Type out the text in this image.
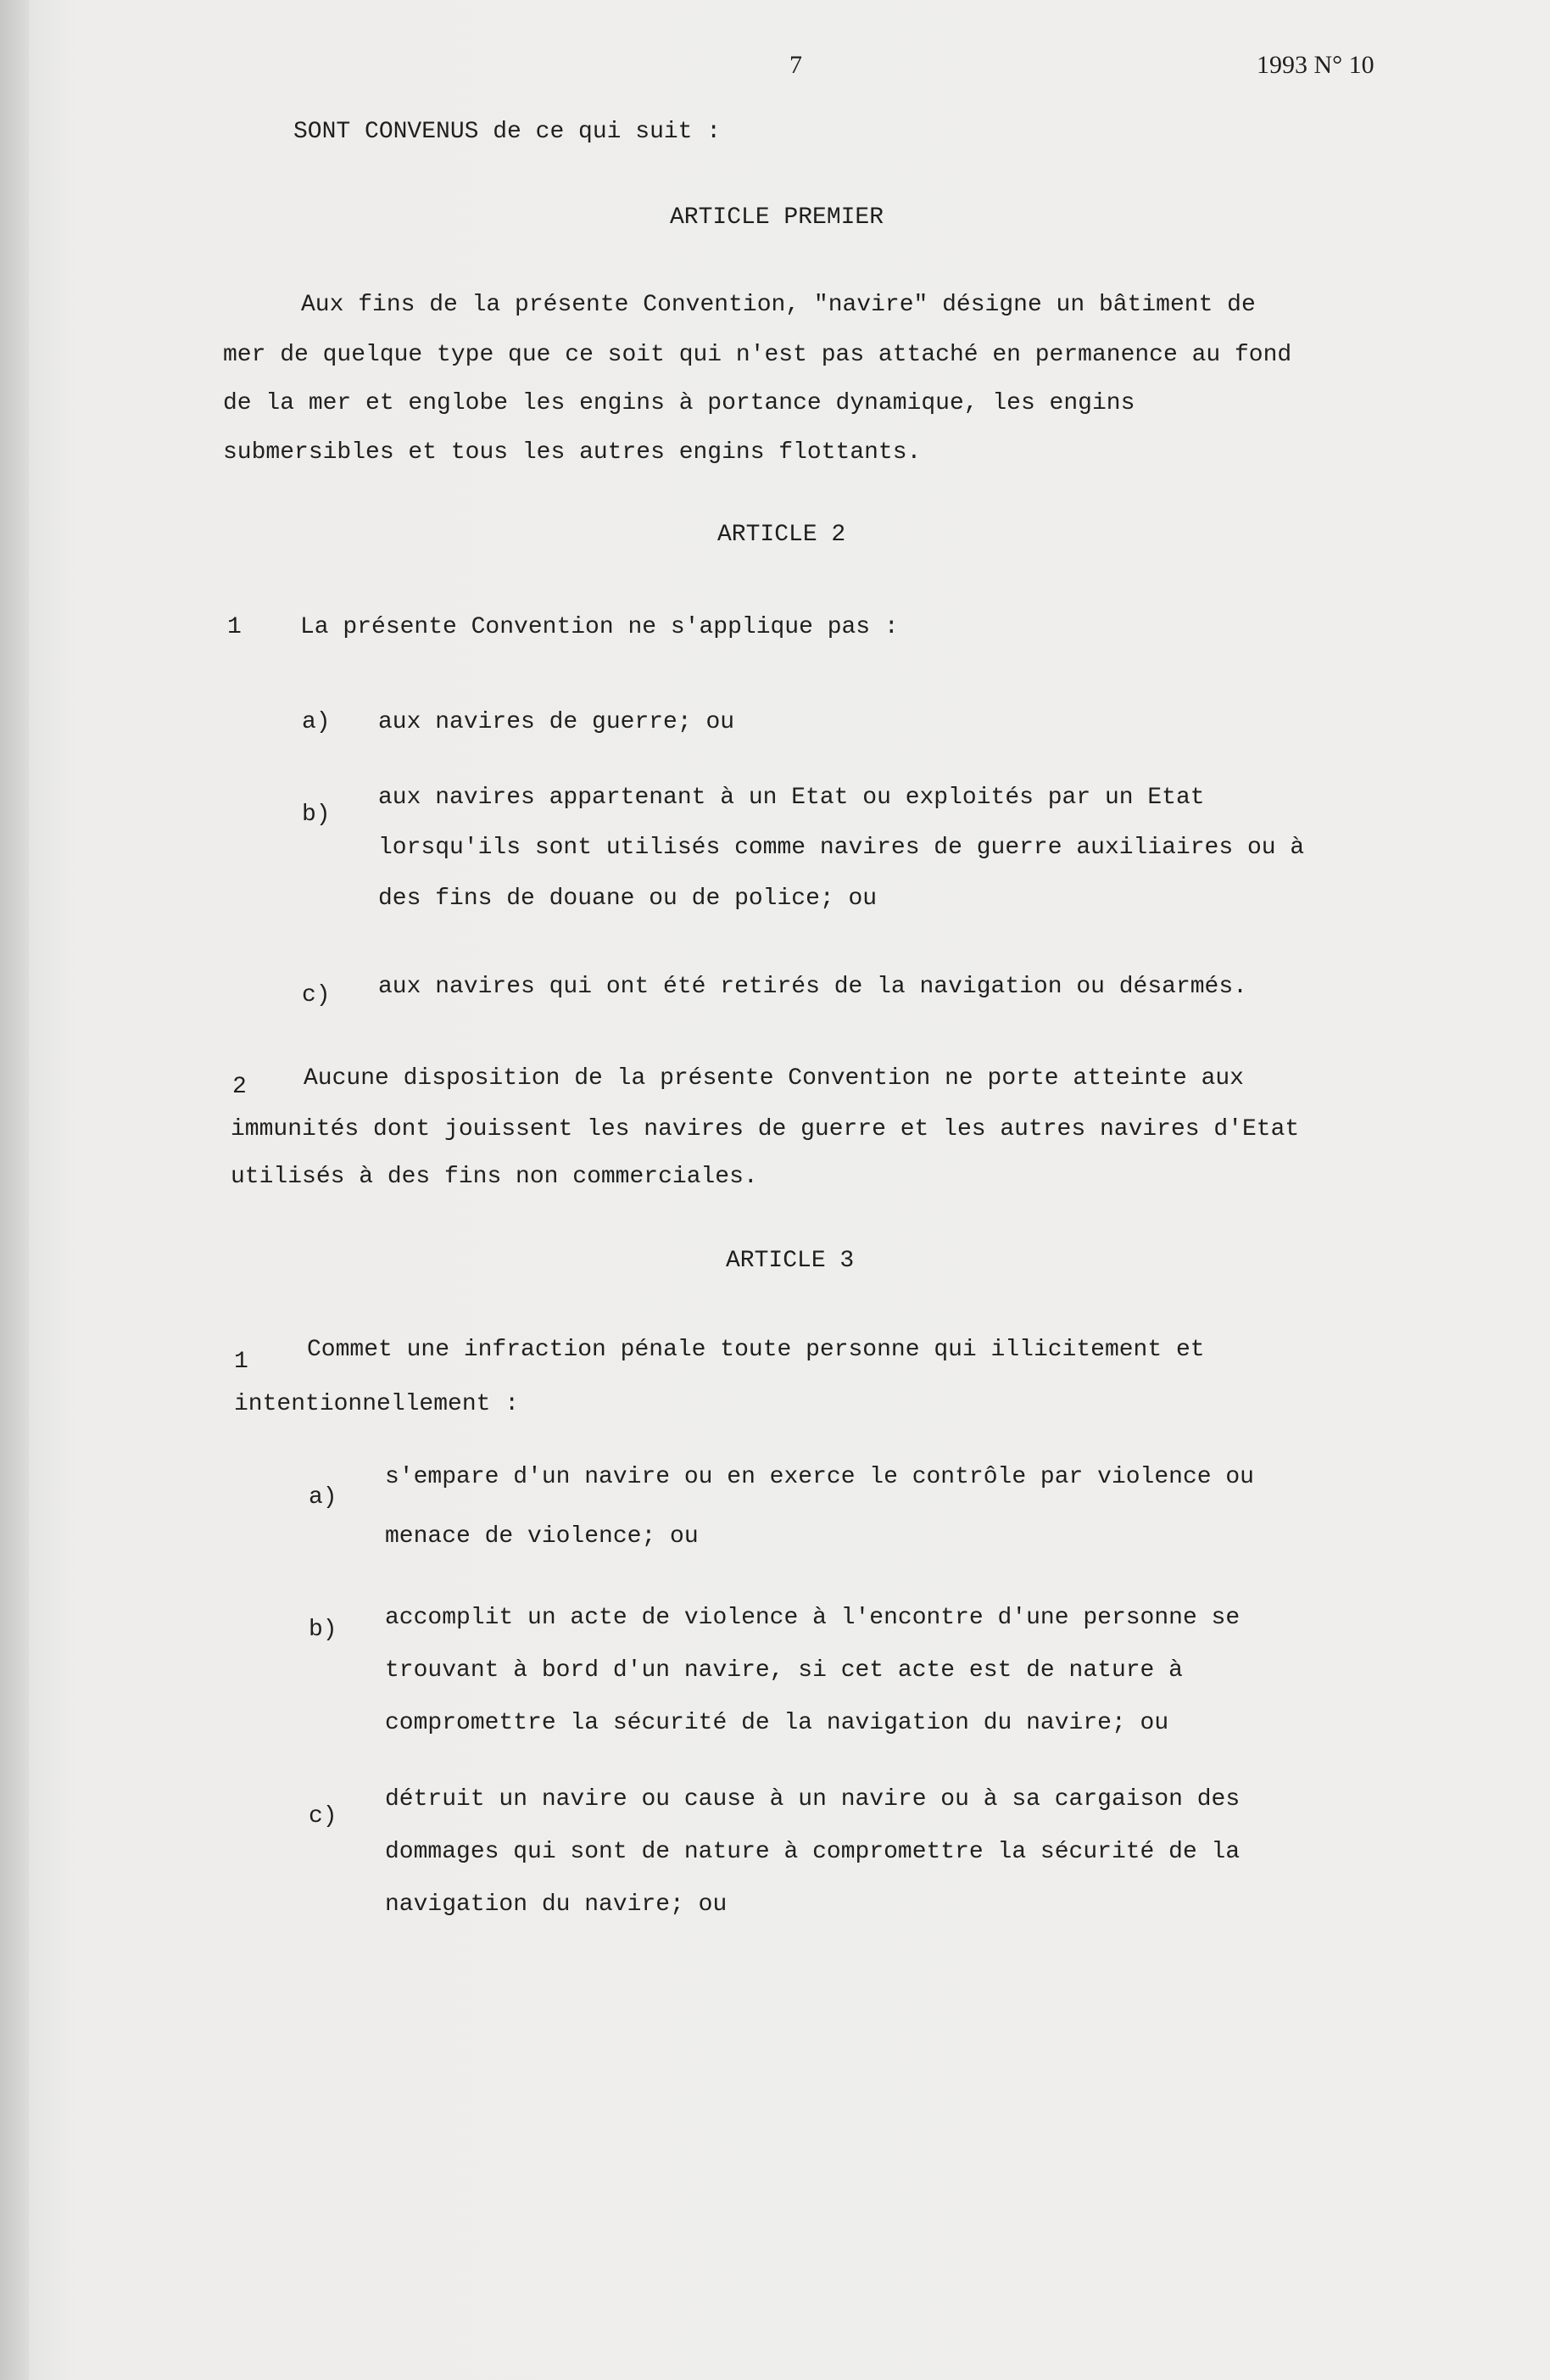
7	1993 N° 10
SONT CONVENUS de ce qui suit :
ARTICLE PREMIER
Aux fins de la présente Convention, "navire" désigne un bâtiment de
mer de quelque type que ce soit qui n'est pas attaché en permanence au fond
de la mer et englobe les engins à portance dynamique, les engins
submersibles et tous les autres engins flottants.
ARTICLE 2
1 La présente Convention ne s'applique pas :
a) aux navires de guerre; ou
b)
aux navires appartenant à un Etat ou exploités par un Etat
lorsqu'ils sont utilisés comme navires de guerre auxiliaires ou à
des fins de douane ou de police; ou
c) aux navires qui ont été retirés de la navigation ou désarmés.
2 Aucune disposition de la présente Convention ne porte atteinte aux
immunités dont jouissent les navires de guerre et les autres navires d'Etat
utilisés à des fins non commerciales.
ARTICLE 3
1 Commet une infraction pénale toute personne qui illicitement et
intentionnellement :
a)
s'empare d'un navire ou en exerce le contrôle par violence ou
menace de violence; ou
b) accomplit un acte de violence à l'encontre d'une personne se
trouvant à bord d'un navire, si cet acte est de nature à
compromettre la sécurité de la navigation du navire; ou
c)
détruit un navire ou cause à un navire ou à sa cargaison des
dommages qui sont de nature à compromettre la sécurité de la
navigation du navire; ou
